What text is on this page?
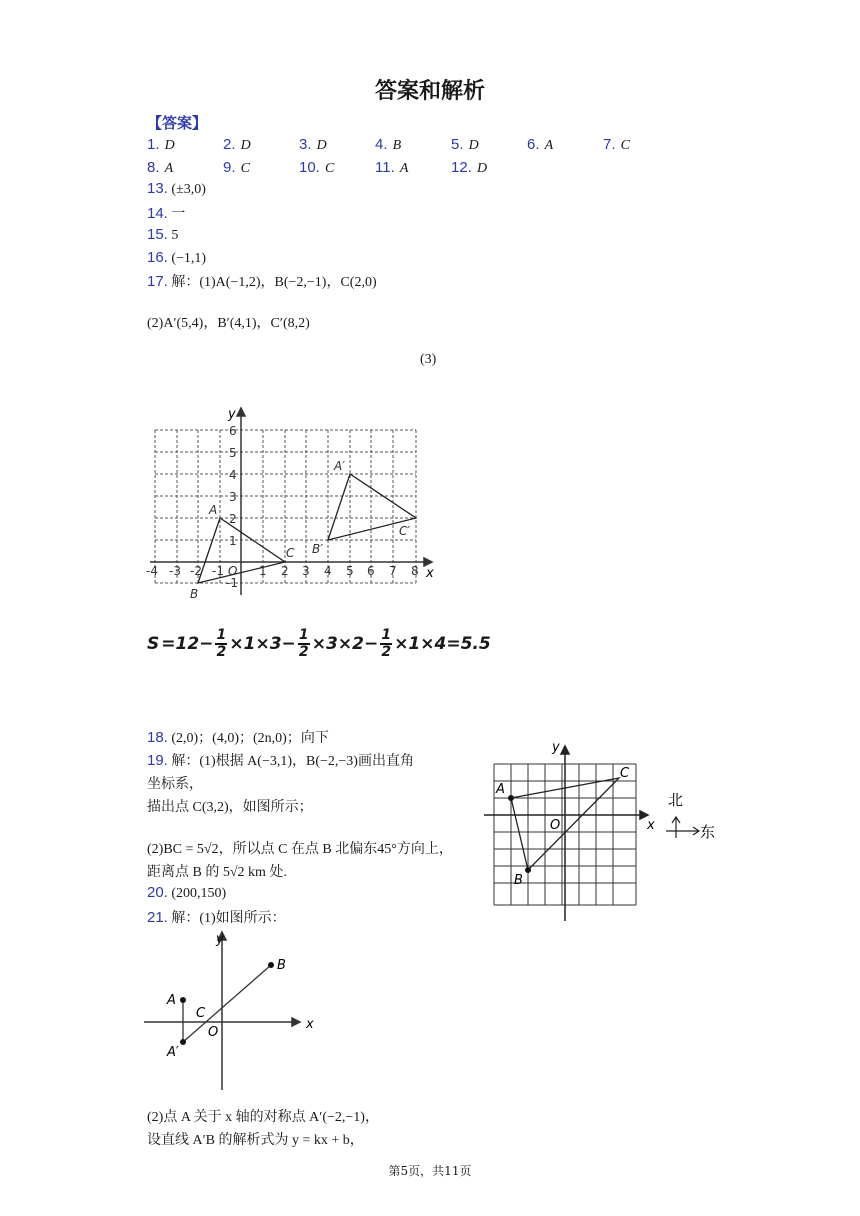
答案和解析
【答案】
1. D	2. D	3. D	4. B	5. D	6. A	7. C
8. A	9. C	10. C	11. A	12. D
13. (±3,0)
14. 一
15. 5
16. (−1,1)
17. 解：(1)A(−1,2)，B(−2,−1)，C(2,0)
(2)A′(5,4)，B′(4,1)，C′(8,2)
(3)
y
x
-4 -3 -2 -1 O 1 2 3 4 5 6 7 8
6
5
4
3
2
1
-1
A
B
C
A′
B′
C′
$S =12- \frac{1}{2} \times 1\times 3- \frac{1}{2} \times 3\times 2- \frac{1}{2} \times 1\times 4=5.5$
18. (2,0)；(4,0)；(2n,0)；向下
19. 解：(1)根据 A(−3,1)，B(−2,−3)画出直角
坐标系，
描出点 C(3,2)，如图所示；
(2)BC = 5√2，所以点 C 在点 B 北偏东45°方向上，
距离点 B 的 5√2 km 处.
20. (200,150)
21. 解：(1)如图所示：
y
x
O
A
B
C
北
东
y
x
O
A
A′
B
C
(2)点 A 关于 x 轴的对称点 A′(−2,−1)，
设直线 A′B 的解析式为 y = kx + b，
第5页，共11页
